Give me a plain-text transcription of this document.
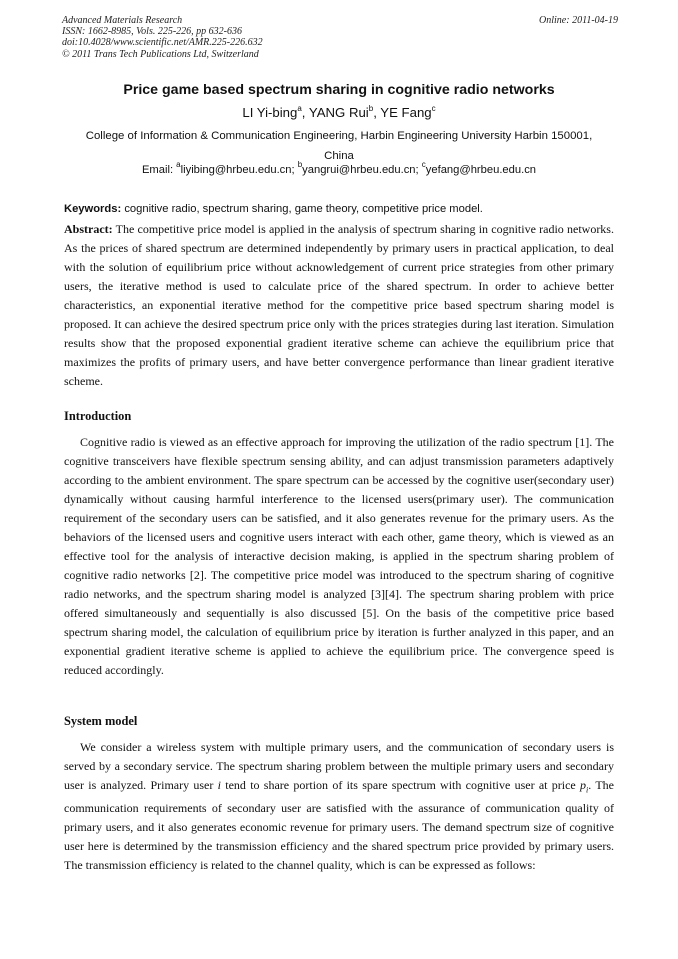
Advanced Materials Research
ISSN: 1662-8985, Vols. 225-226, pp 632-636
doi:10.4028/www.scientific.net/AMR.225-226.632
© 2011 Trans Tech Publications Ltd, Switzerland
Online: 2011-04-19
Price game based spectrum sharing in cognitive radio networks
LI Yi-bing$^a$, YANG Rui$^b$, YE Fang$^c$
College of Information & Communication Engineering, Harbin Engineering University Harbin 150001, China
Email: $^a$liyibing@hrbeu.edu.cn; $^b$yangrui@hrbeu.edu.cn; $^c$yefang@hrbeu.edu.cn
Keywords: cognitive radio, spectrum sharing, game theory, competitive price model.
Abstract: The competitive price model is applied in the analysis of spectrum sharing in cognitive radio networks. As the prices of shared spectrum are determined independently by primary users in practical application, to deal with the solution of equilibrium price without acknowledgement of current price strategies from other primary users, the iterative method is used to calculate price of the shared spectrum. In order to achieve better characteristics, an exponential iterative method for the competitive price based spectrum sharing model is proposed. It can achieve the desired spectrum price only with the prices strategies during last iteration. Simulation results show that the proposed exponential gradient iterative scheme can achieve the equilibrium price that maximizes the profits of primary users, and have better convergence performance than linear gradient iterative scheme.
Introduction
Cognitive radio is viewed as an effective approach for improving the utilization of the radio spectrum [1]. The cognitive transceivers have flexible spectrum sensing ability, and can adjust transmission parameters adaptively according to the ambient environment. The spare spectrum can be accessed by the cognitive user(secondary user) dynamically without causing harmful interference to the licensed users(primary user). The communication requirement of the secondary users can be satisfied, and it also generates revenue for the primary users. As the behaviors of the licensed users and cognitive users interact with each other, game theory, which is viewed as an effective tool for the analysis of interactive decision making, is applied in the spectrum sharing problem of cognitive radio networks [2]. The competitive price model was introduced to the spectrum sharing of cognitive radio networks, and the spectrum sharing model is analyzed [3][4]. The spectrum sharing problem with price offered simultaneously and sequentially is also discussed [5]. On the basis of the competitive price based spectrum sharing model, the calculation of equilibrium price by iteration is further analyzed in this paper, and an exponential gradient iterative scheme is applied to achieve the equilibrium price. The convergence speed is reduced accordingly.
System model
We consider a wireless system with multiple primary users, and the communication of secondary users is served by a secondary service. The spectrum sharing problem between the multiple primary users and secondary user is analyzed. Primary user i tend to share portion of its spare spectrum with cognitive user at price $p_i$. The communication requirements of secondary user are satisfied with the assurance of communication quality of primary users, and it also generates economic revenue for primary users. The demand spectrum size of cognitive user here is determined by the transmission efficiency and the shared spectrum price provided by primary users. The transmission efficiency is related to the channel quality, which is can be expressed as follows:
